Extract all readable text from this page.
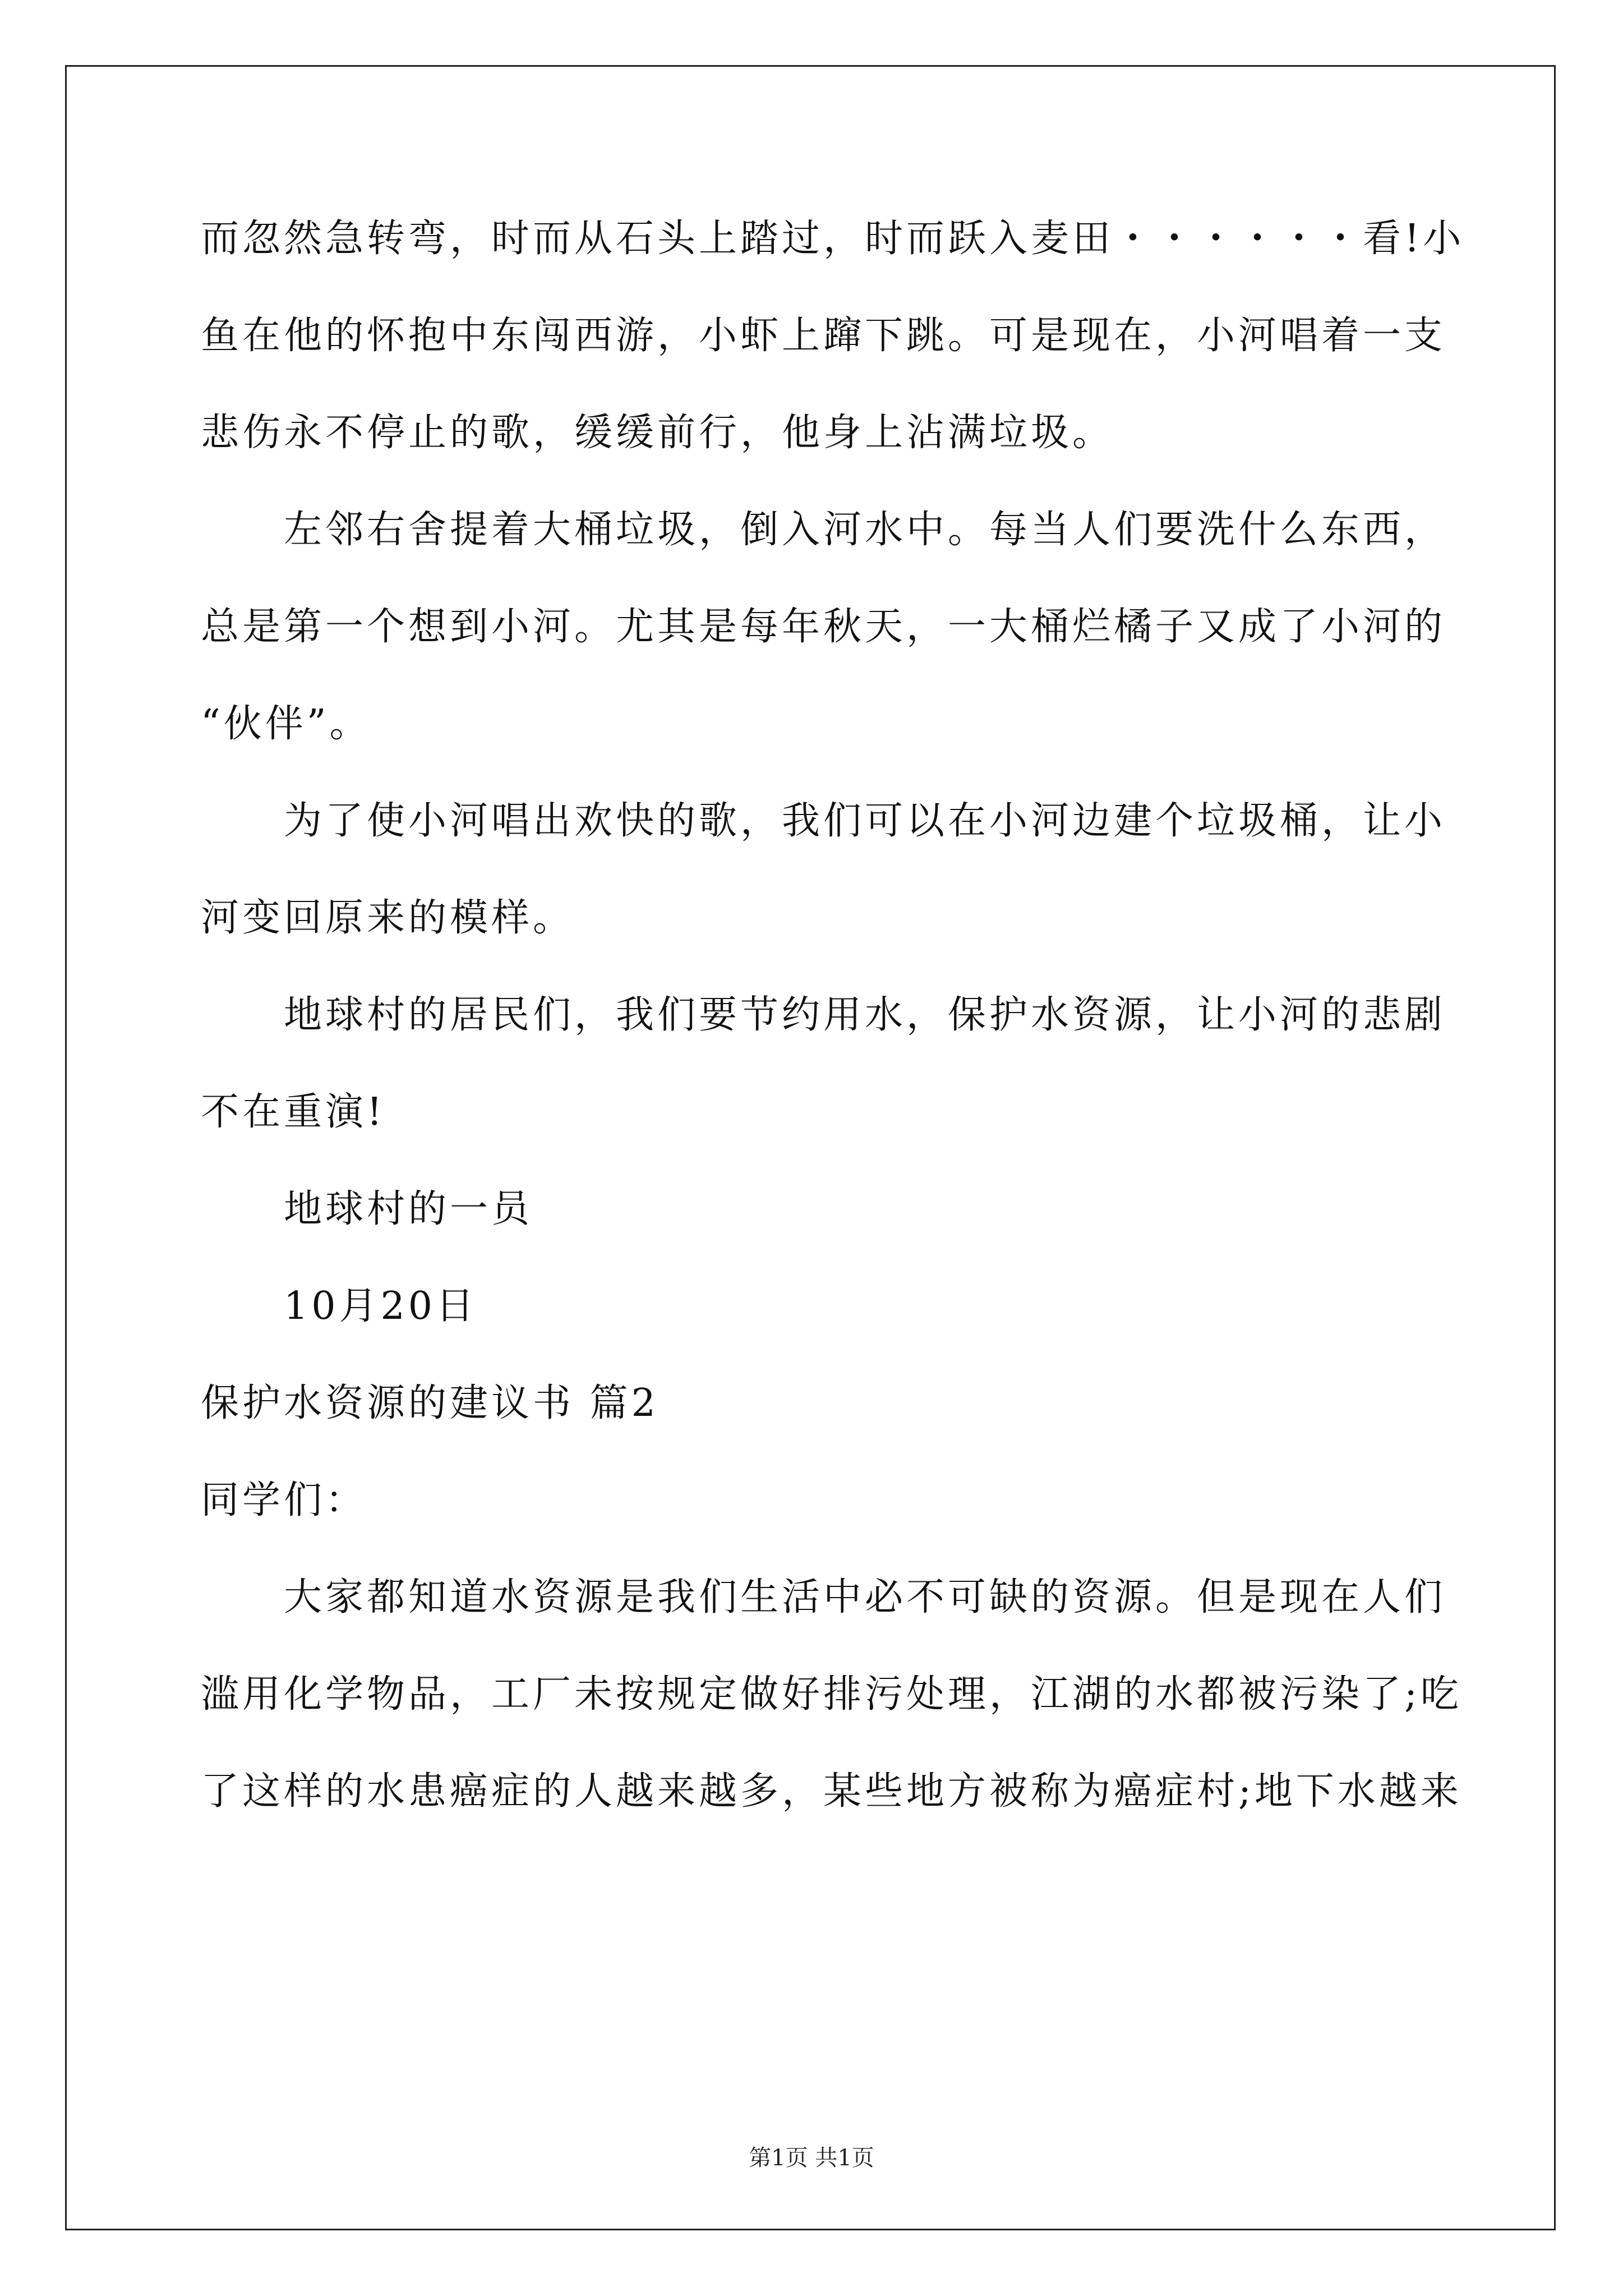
而忽然急转弯，时而从石头上踏过，时而跃入麦田・・・・・・看!小
鱼在他的怀抱中东闯西游，小虾上蹿下跳。可是现在，小河唱着一支
悲伤永不停止的歌，缓缓前行，他身上沾满垃圾。
左邻右舍提着大桶垃圾，倒入河水中。每当人们要洗什么东西，
总是第一个想到小河。尤其是每年秋天，一大桶烂橘子又成了小河的
“伙伴”。
为了使小河唱出欢快的歌，我们可以在小河边建个垃圾桶，让小
河变回原来的模样。
地球村的居民们，我们要节约用水，保护水资源，让小河的悲剧
不在重演!
地球村的一员
10月20日
保护水资源的建议书 篇2
同学们：
大家都知道水资源是我们生活中必不可缺的资源。但是现在人们
滥用化学物品，工厂未按规定做好排污处理，江湖的水都被污染了;吃
了这样的水患癌症的人越来越多，某些地方被称为癌症村;地下水越来
第1页 共1页
